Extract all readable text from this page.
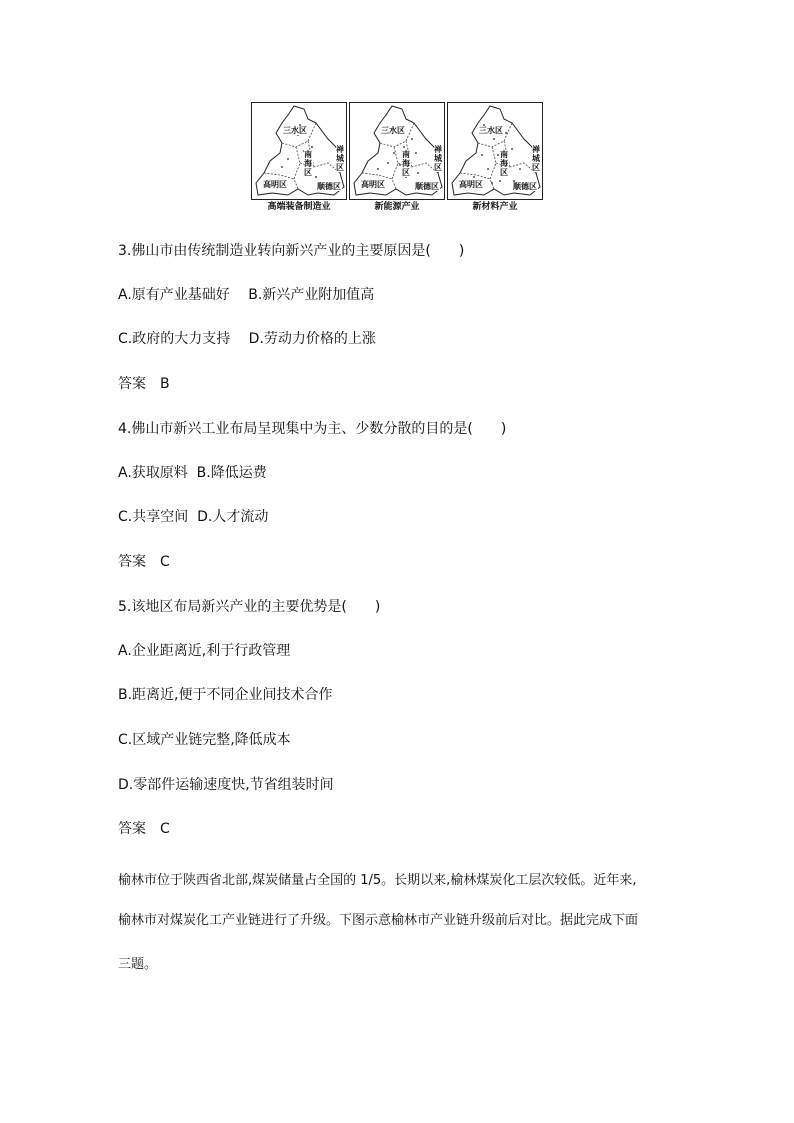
三水区
禅城区
南海区
高明区	顺德区
高端装备制造业
三水区
禅城区
南海区
高明区	顺德区
新能源产业
三水区
禅城区
南海区
高明区	顺德区
新材料产业
3.佛山市由传统制造业转向新兴产业的主要原因是(　　)
A.原有产业基础好　 B.新兴产业附加值高
C.政府的大力支持　 D.劳动力价格的上涨
答案　B
4.佛山市新兴工业布局呈现集中为主、少数分散的目的是(　　)
A.获取原料  B.降低运费
C.共享空间  D.人才流动
答案　C
5.该地区布局新兴产业的主要优势是(　　)
A.企业距离近,利于行政管理
B.距离近,便于不同企业间技术合作
C.区域产业链完整,降低成本
D.零部件运输速度快,节省组装时间
答案　C
榆林市位于陕西省北部,煤炭储量占全国的 1/5。长期以来,榆林煤炭化工层次较低。近年来,
榆林市对煤炭化工产业链进行了升级。下图示意榆林市产业链升级前后对比。据此完成下面
三题。
